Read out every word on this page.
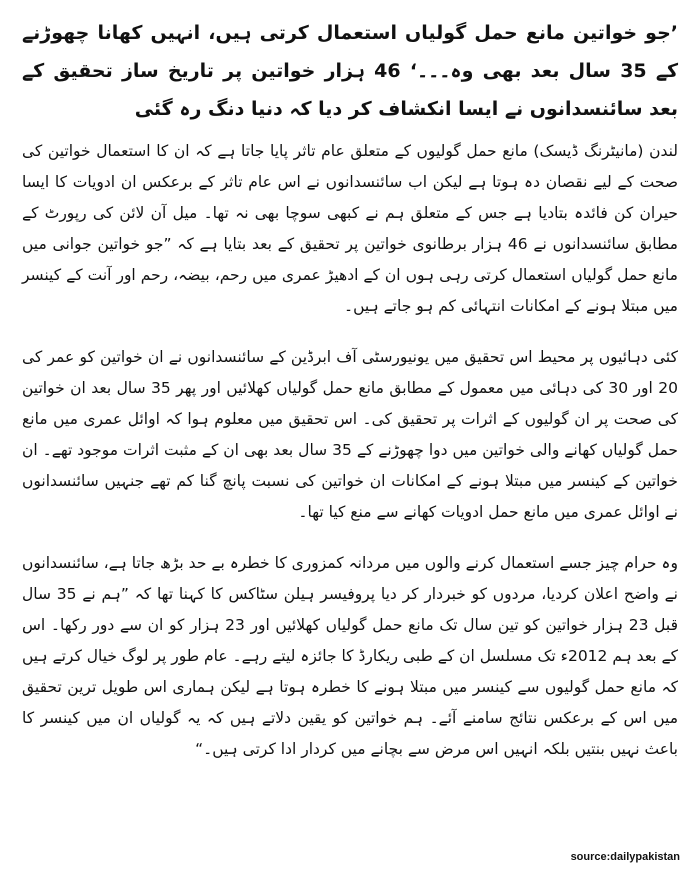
’جو خواتین مانع حمل گولیاں استعمال کرتی ہیں، انہیں کھانا چھوڑنے کے 35 سال بعد بھی وہ۔۔۔‘ 46 ہزار خواتین پر تاریخ ساز تحقیق کے بعد سائنسدانوں نے ایسا انکشاف کر دیا کہ دنیا دنگ رہ گئی

لندن (مانیٹرنگ ڈیسک) مانع حمل گولیوں کے متعلق عام تاثر پایا جاتا ہے کہ ان کا استعمال خواتین کی صحت کے لیے نقصان دہ ہوتا ہے لیکن اب سائنسدانوں نے اس عام تاثر کے برعکس ان ادویات کا ایسا حیران کن فائدہ بتادیا ہے جس کے متعلق ہم نے کبھی سوچا بھی نہ تھا۔ میل آن لائن کی رپورٹ کے مطابق سائنسدانوں نے 46 ہزار برطانوی خواتین پر تحقیق کے بعد بتایا ہے کہ ”جو خواتین جوانی میں مانع حمل گولیاں استعمال کرتی رہی ہوں ان کے ادھیڑ عمری میں رحم، بیضہ، رحم اور آنت کے کینسر میں مبتلا ہونے کے امکانات انتہائی کم ہو جاتے ہیں۔

کئی دہائیوں پر محیط اس تحقیق میں یونیورسٹی آف ابرڈین کے سائنسدانوں نے ان خواتین کو عمر کی 20 اور 30 کی دہائی میں معمول کے مطابق مانع حمل گولیاں کھلائیں اور پھر 35 سال بعد ان خواتین کی صحت پر ان گولیوں کے اثرات پر تحقیق کی۔ اس تحقیق میں معلوم ہوا کہ اوائل عمری میں مانع حمل گولیاں کھانے والی خواتین میں دوا چھوڑنے کے 35 سال بعد بھی ان کے مثبت اثرات موجود تھے۔ ان خواتین کے کینسر میں مبتلا ہونے کے امکانات ان خواتین کی نسبت پانچ گنا کم تھے جنہیں سائنسدانوں نے اوائل عمری میں مانع حمل ادویات کھانے سے منع کیا تھا۔

وہ حرام چیز جسے استعمال کرنے والوں میں مردانہ کمزوری کا خطرہ بے حد بڑھ جاتا ہے، سائنسدانوں نے واضح اعلان کردیا، مردوں کو خبردار کر دیا پروفیسر ہیلن سٹاکس کا کہنا تھا کہ ”ہم نے 35 سال قبل 23 ہزار خواتین کو تین سال تک مانع حمل گولیاں کھلائیں اور 23 ہزار کو ان سے دور رکھا۔ اس کے بعد ہم 2012ء تک مسلسل ان کے طبی ریکارڈ کا جائزہ لیتے رہے۔ عام طور پر لوگ خیال کرتے ہیں کہ مانع حمل گولیوں سے کینسر میں مبتلا ہونے کا خطرہ ہوتا ہے لیکن ہماری اس طویل ترین تحقیق میں اس کے برعکس نتائج سامنے آئے۔ ہم خواتین کو یقین دلاتے ہیں کہ یہ گولیاں ان میں کینسر کا باعث نہیں بنتیں بلکہ انہیں اس مرض سے بچانے میں کردار ادا کرتی ہیں۔“

source:dailypakistan
